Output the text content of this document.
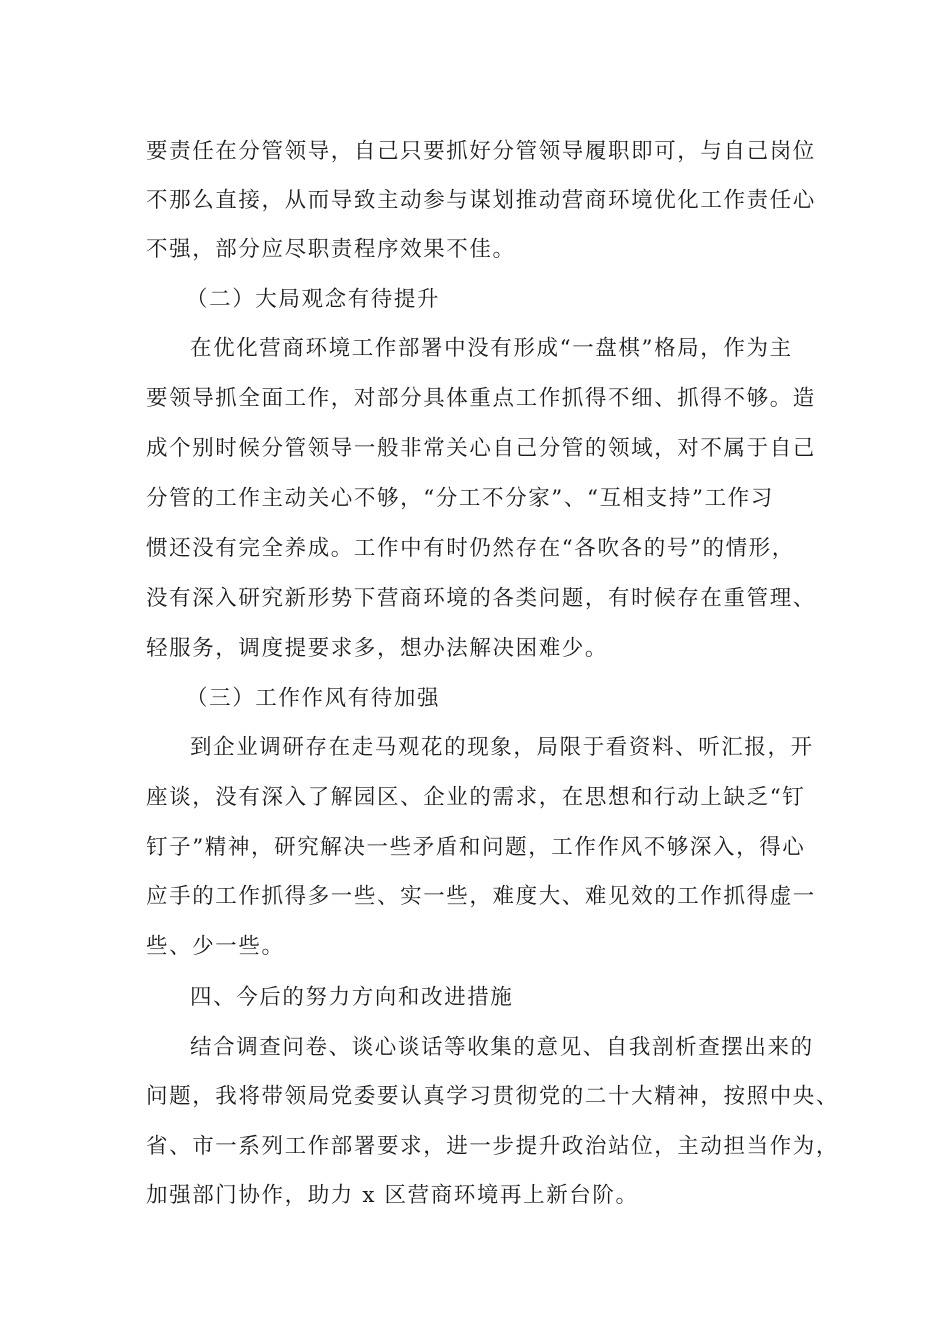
要责任在分管领导，自己只要抓好分管领导履职即可，与自己岗位
不那么直接，从而导致主动参与谋划推动营商环境优化工作责任心
不强，部分应尽职责程序效果不佳。
（二）大局观念有待提升
在优化营商环境工作部署中没有形成“一盘棋”格局，作为主
要领导抓全面工作，对部分具体重点工作抓得不细、抓得不够。造
成个别时候分管领导一般非常关心自己分管的领域，对不属于自己
分管的工作主动关心不够，“分工不分家”、“互相支持”工作习
惯还没有完全养成。工作中有时仍然存在“各吹各的号”的情形，
没有深入研究新形势下营商环境的各类问题，有时候存在重管理、
轻服务，调度提要求多，想办法解决困难少。
（三）工作作风有待加强
到企业调研存在走马观花的现象，局限于看资料、听汇报，开
座谈，没有深入了解园区、企业的需求，在思想和行动上缺乏“钉
钉子”精神，研究解决一些矛盾和问题，工作作风不够深入，得心
应手的工作抓得多一些、实一些，难度大、难见效的工作抓得虚一
些、少一些。
四、今后的努力方向和改进措施
结合调查问卷、谈心谈话等收集的意见、自我剖析查摆出来的
问题，我将带领局党委要认真学习贯彻党的二十大精神，按照中央、
省、市一系列工作部署要求，进一步提升政治站位，主动担当作为，
加强部门协作，助力 x 区营商环境再上新台阶。
